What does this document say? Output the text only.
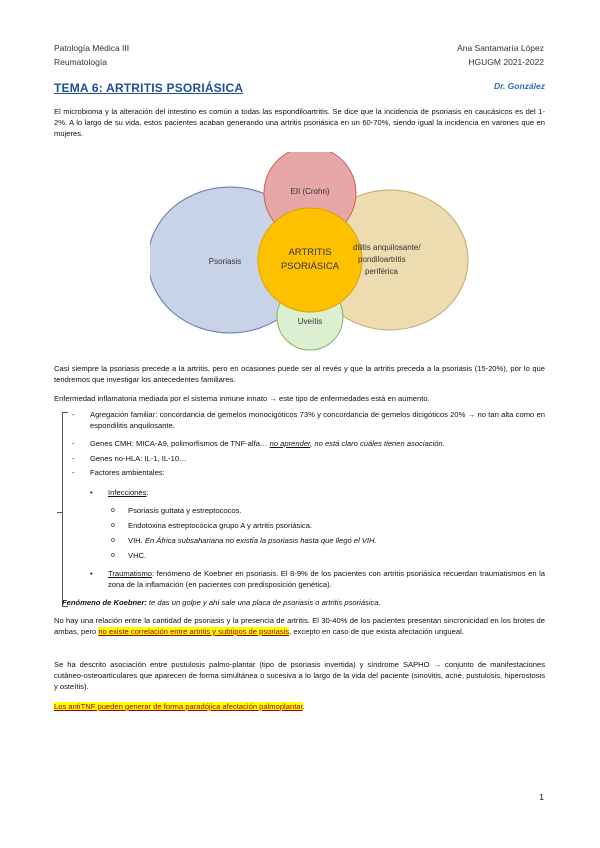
Patología Médica III
Reumatología
Ana Santamaría López
HGUGM 2021-2022
TEMA 6: ARTRITIS PSORIÁSICA	Dr. González
El microbioma y la alteración del intestino es común a todas las espondiloartritis. Se dice que la incidencia de psoriasis en caucásicos es del 1-2%. A lo largo de su vida, estos pacientes acaban generando una artritis psoriásica en un 60-70%, siendo igual la incidencia en varones que en mujeres.
ARTRITIS
PSORIÁSICA
EII (Crohn)
Psoriasis
dilitis anquilosante/
pondiloartritis
periférica
Uveítis
Casi siempre la psoriasis precede a la artritis, pero en ocasiones puede ser al revés y que la artritis preceda a la psoriasis (15-20%), por lo que tendremos que investigar los antecedentes familiares.
Enfermedad inflamatoria mediada por el sistema inmune innato → este tipo de enfermedades está en aumento.
- Agregación familiar: concordancia de gemelos monocigóticos 73% y concordancia de gemelos dicigóticos 20% → no tan alta como en espondilitis anquilosante.
- Genes CMH: MICA-A9, polimorfismos de TNF-alfa… no aprender, no está claro cuáles tienen asociación.
- Genes no-HLA: IL-1, IL-10…
- Factores ambientales:
• Infecciones:
o Psoriasis guttata y estreptococos.
o Endotoxina estreptocócica grupo A y artritis psoriásica.
o VIH. En África subsahariana no existía la psoriasis hasta que llegó el VIH.
o VHC.
• Traumatismo: fenómeno de Koebner en psoriasis. El 8-9% de los pacientes con artritis psoriásica recuerdan traumatismos en la zona de la inflamación (en pacientes con predisposición genética).
Fenómeno de Koebner: te das un golpe y ahí sale una placa de psoriasis o artritis psoriásica.
No hay una relación entre la cantidad de psoriasis y la presencia de artritis. El 30-40% de los pacientes presentan sincronicidad en los brotes de ambas, pero no existe correlación entre artritis y subtipos de psoriasis, excepto en caso de que exista afectación ungueal.
Se ha descrito asociación entre pustulosis palmo-plantar (tipo de psoriasis invertida) y síndrome SAPHO → conjunto de manifestaciones cutáneo-osteoarticulares que aparecen de forma simultánea o sucesiva a lo largo de la vida del paciente (sinovitis, acné, pustulosis, hiperostosis y osteítis).
Los antiTNF pueden generar de forma paradójica afectación palmoplantar.
1
